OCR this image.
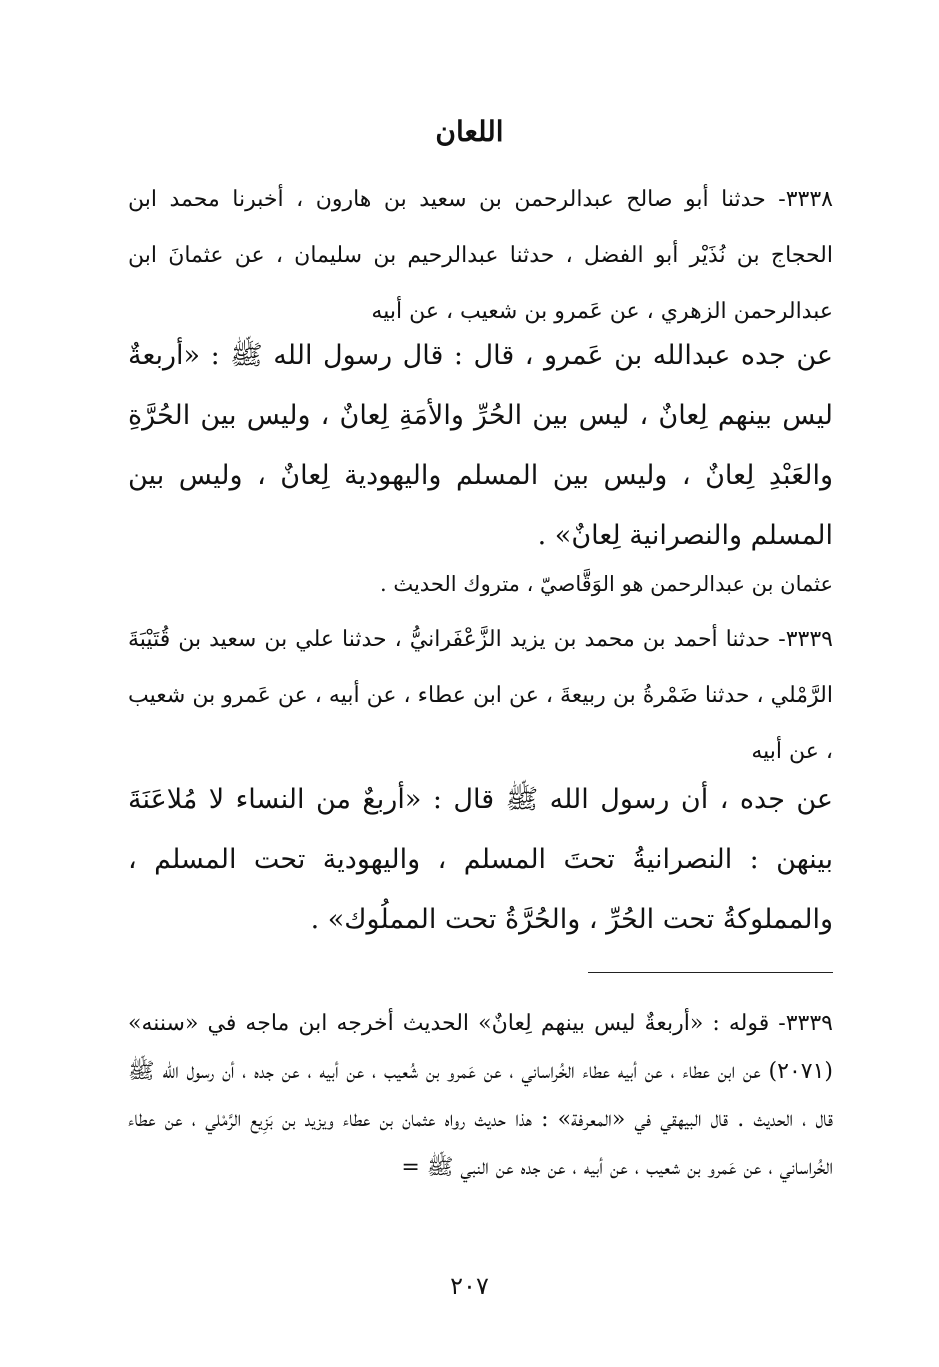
اللعان

٣٣٣٨- حدثنا أبو صالح عبدالرحمن بن سعيد بن هارون ، أخبرنا محمد ابن الحجاج بن نُذَيْر أبو الفضل ، حدثنا عبدالرحيم بن سليمان ، عن عثمانَ ابن عبدالرحمن الزهري ، عن عَمرو بن شعيب ، عن أبيه

عن جده عبدالله بن عَمرو ، قال : قال رسول الله ﷺ : «أربعةٌ ليس بينهم لِعانٌ ، ليس بين الحُرِّ والأمَةِ لِعانٌ ، وليس بين الحُرَّةِ والعَبْدِ لِعانٌ ، وليس بين المسلم واليهودية لِعانٌ ، وليس بين المسلم والنصرانية لِعانٌ» .

عثمان بن عبدالرحمن هو الوَقَّاصيّ ، متروك الحديث .

٣٣٣٩- حدثنا أحمد بن محمد بن يزيد الزَّعْفَرانيُّ ، حدثنا علي بن سعيد بن قُتَيْبَةَ الرَّمْلي ، حدثنا ضَمْرةُ بن ربيعةَ ، عن ابن عطاء ، عن أبيه ، عن عَمرو بن شعيب ، عن أبيه

عن جده ، أن رسول الله ﷺ قال : «أربعٌ من النساء لا مُلاعَنَةَ بينهن : النصرانيةُ تحتَ المسلم ، واليهودية تحت المسلم ، والمملوكةُ تحت الحُرِّ ، والحُرَّةُ تحت المملُوك» .

٣٣٣٩- قوله : «أربعةٌ ليس بينهم لِعانٌ» الحديث أخرجه ابن ماجه في «سننه» (٢٠٧١) عن ابن عطاء ، عن أبيه عطاء الخُراساني ، عن عَمرو بن شُعيب ، عن أبيه ، عن جده ، أن رسول الله ﷺ قال ، الحديث . قال البيهقي في «المعرفة» : هذا حديث رواه عثمان بن عطاء ويزيد بن بَزِيع الرَّمْلي ، عن عطاء الخُراساني ، عن عَمرو بن شعيب ، عن أبيه ، عن جده عن النبي ﷺ =

٢٠٧
